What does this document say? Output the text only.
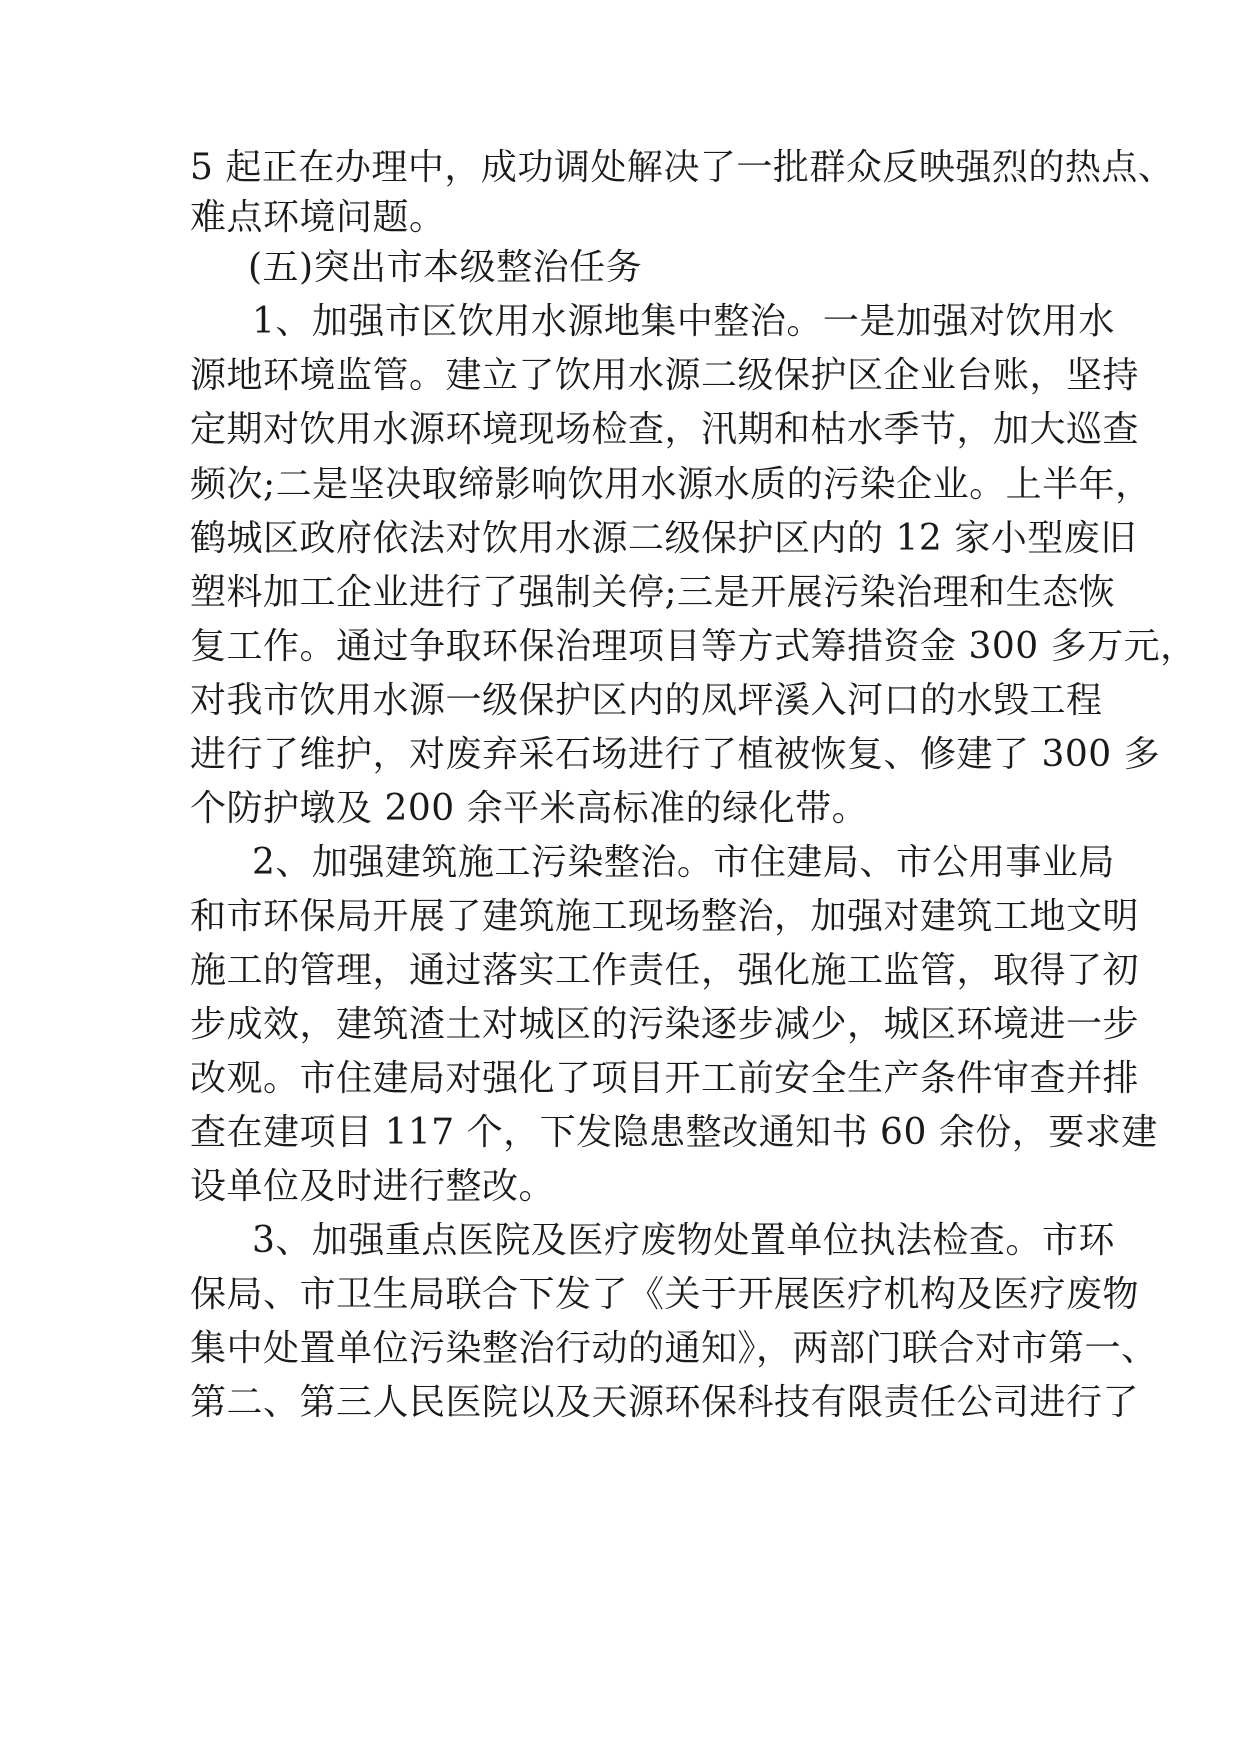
5 起正在办理中，成功调处解决了一批群众反映强烈的热点、
难点环境问题。
(五)突出市本级整治任务
1、加强市区饮用水源地集中整治。一是加强对饮用水
源地环境监管。建立了饮用水源二级保护区企业台账，坚持
定期对饮用水源环境现场检查，汛期和枯水季节，加大巡查
频次;二是坚决取缔影响饮用水源水质的污染企业。上半年，
鹤城区政府依法对饮用水源二级保护区内的 12 家小型废旧
塑料加工企业进行了强制关停;三是开展污染治理和生态恢
复工作。通过争取环保治理项目等方式筹措资金 300 多万元，
对我市饮用水源一级保护区内的凤坪溪入河口的水毁工程
进行了维护，对废弃采石场进行了植被恢复、修建了 300 多
个防护墩及 200 余平米高标准的绿化带。
2、加强建筑施工污染整治。市住建局、市公用事业局
和市环保局开展了建筑施工现场整治，加强对建筑工地文明
施工的管理，通过落实工作责任，强化施工监管，取得了初
步成效，建筑渣土对城区的污染逐步减少，城区环境进一步
改观。市住建局对强化了项目开工前安全生产条件审查并排
查在建项目 117 个，下发隐患整改通知书 60 余份，要求建
设单位及时进行整改。
3、加强重点医院及医疗废物处置单位执法检查。市环
保局、市卫生局联合下发了《关于开展医疗机构及医疗废物
集中处置单位污染整治行动的通知》，两部门联合对市第一、
第二、第三人民医院以及天源环保科技有限责任公司进行了
